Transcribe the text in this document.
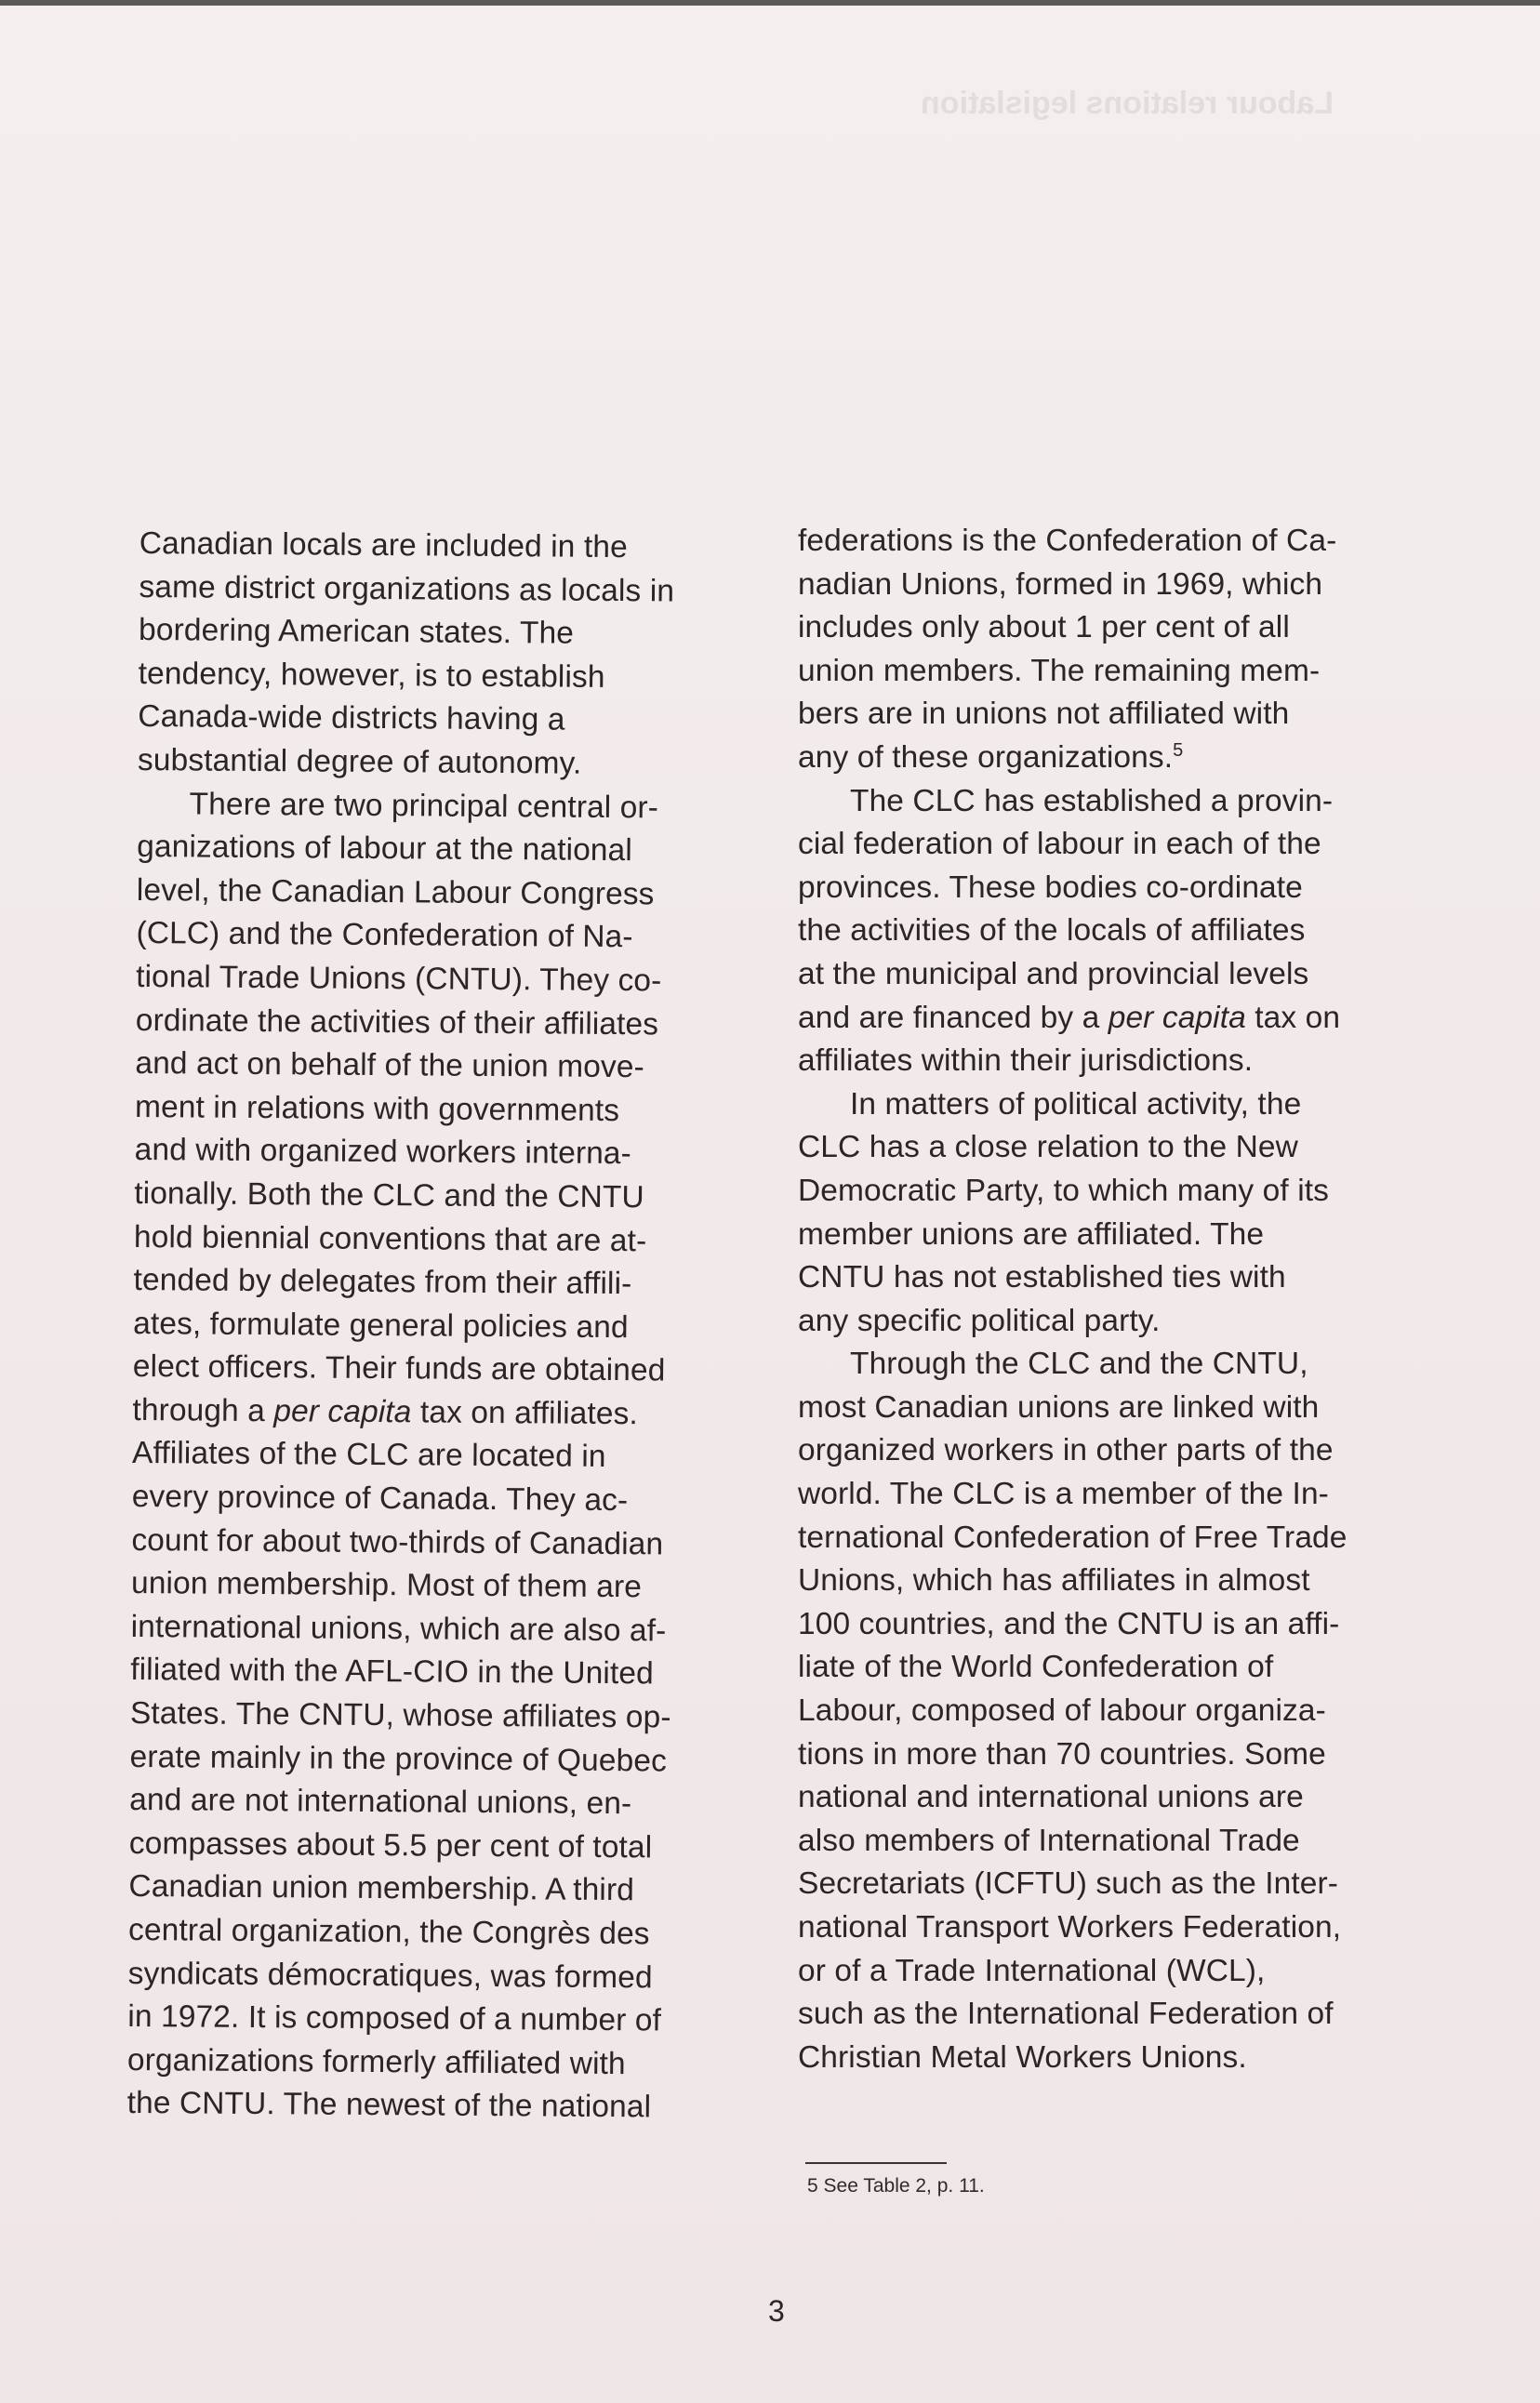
Labour relations legislation

Canadian locals are included in the

same district organizations as locals in

bordering American states. The

tendency, however, is to establish

Canada-wide districts having a

substantial degree of autonomy.

There are two principal central or-

ganizations of labour at the national

level, the Canadian Labour Congress

(CLC) and the Confederation of Na-

tional Trade Unions (CNTU). They co-

ordinate the activities of their affiliates

and act on behalf of the union move-

ment in relations with governments

and with organized workers interna-

tionally. Both the CLC and the CNTU

hold biennial conventions that are at-

tended by delegates from their affili-

ates, formulate general policies and

elect officers. Their funds are obtained

through a per capita tax on affiliates.

Affiliates of the CLC are located in

every province of Canada. They ac-

count for about two-thirds of Canadian

union membership. Most of them are

international unions, which are also af-

filiated with the AFL-CIO in the United

States. The CNTU, whose affiliates op-

erate mainly in the province of Quebec

and are not international unions, en-

compasses about 5.5 per cent of total

Canadian union membership. A third

central organization, the Congrès des

syndicats démocratiques, was formed

in 1972. It is composed of a number of

organizations formerly affiliated with

the CNTU. The newest of the national

federations is the Confederation of Ca-

nadian Unions, formed in 1969, which

includes only about 1 per cent of all

union members. The remaining mem-

bers are in unions not affiliated with

any of these organizations.$^5$

The CLC has established a provin-

cial federation of labour in each of the

provinces. These bodies co-ordinate

the activities of the locals of affiliates

at the municipal and provincial levels

and are financed by a per capita tax on

affiliates within their jurisdictions.

In matters of political activity, the

CLC has a close relation to the New

Democratic Party, to which many of its

member unions are affiliated. The

CNTU has not established ties with

any specific political party.

Through the CLC and the CNTU,

most Canadian unions are linked with

organized workers in other parts of the

world. The CLC is a member of the In-

ternational Confederation of Free Trade

Unions, which has affiliates in almost

100 countries, and the CNTU is an affi-

liate of the World Confederation of

Labour, composed of labour organiza-

tions in more than 70 countries. Some

national and international unions are

also members of International Trade

Secretariats (ICFTU) such as the Inter-

national Transport Workers Federation,

or of a Trade International (WCL),

such as the International Federation of

Christian Metal Workers Unions.

5 See Table 2, p. 11.
3
